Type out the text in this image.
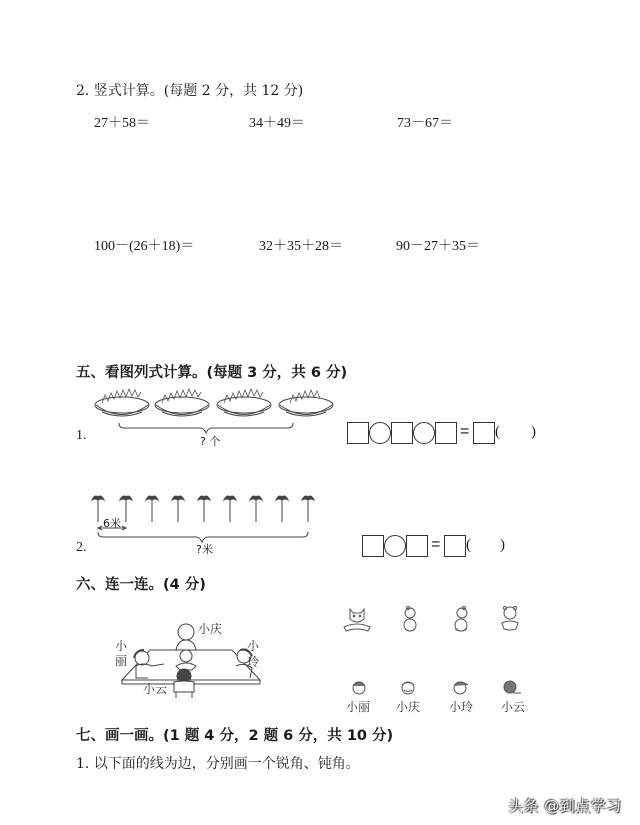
2. 竖式计算。(每题 2 分，共 12 分)
27＋58＝	34＋49＝	73－67＝
100－(26＋18)＝	32＋35＋28＝	90－27＋35＝
五、看图列式计算。(每题 3 分，共 6 分)
1.	? 个
= ( )
6米
2.	?米	= ( )
六、连一连。(4 分)
小庆
小
丽
小
玲
小云
小丽 小庆 小玲 小云
七、画一画。(1 题 4 分，2 题 6 分，共 10 分)
1. 以下面的线为边，分别画一个锐角、钝角。
头条 @到点学习
